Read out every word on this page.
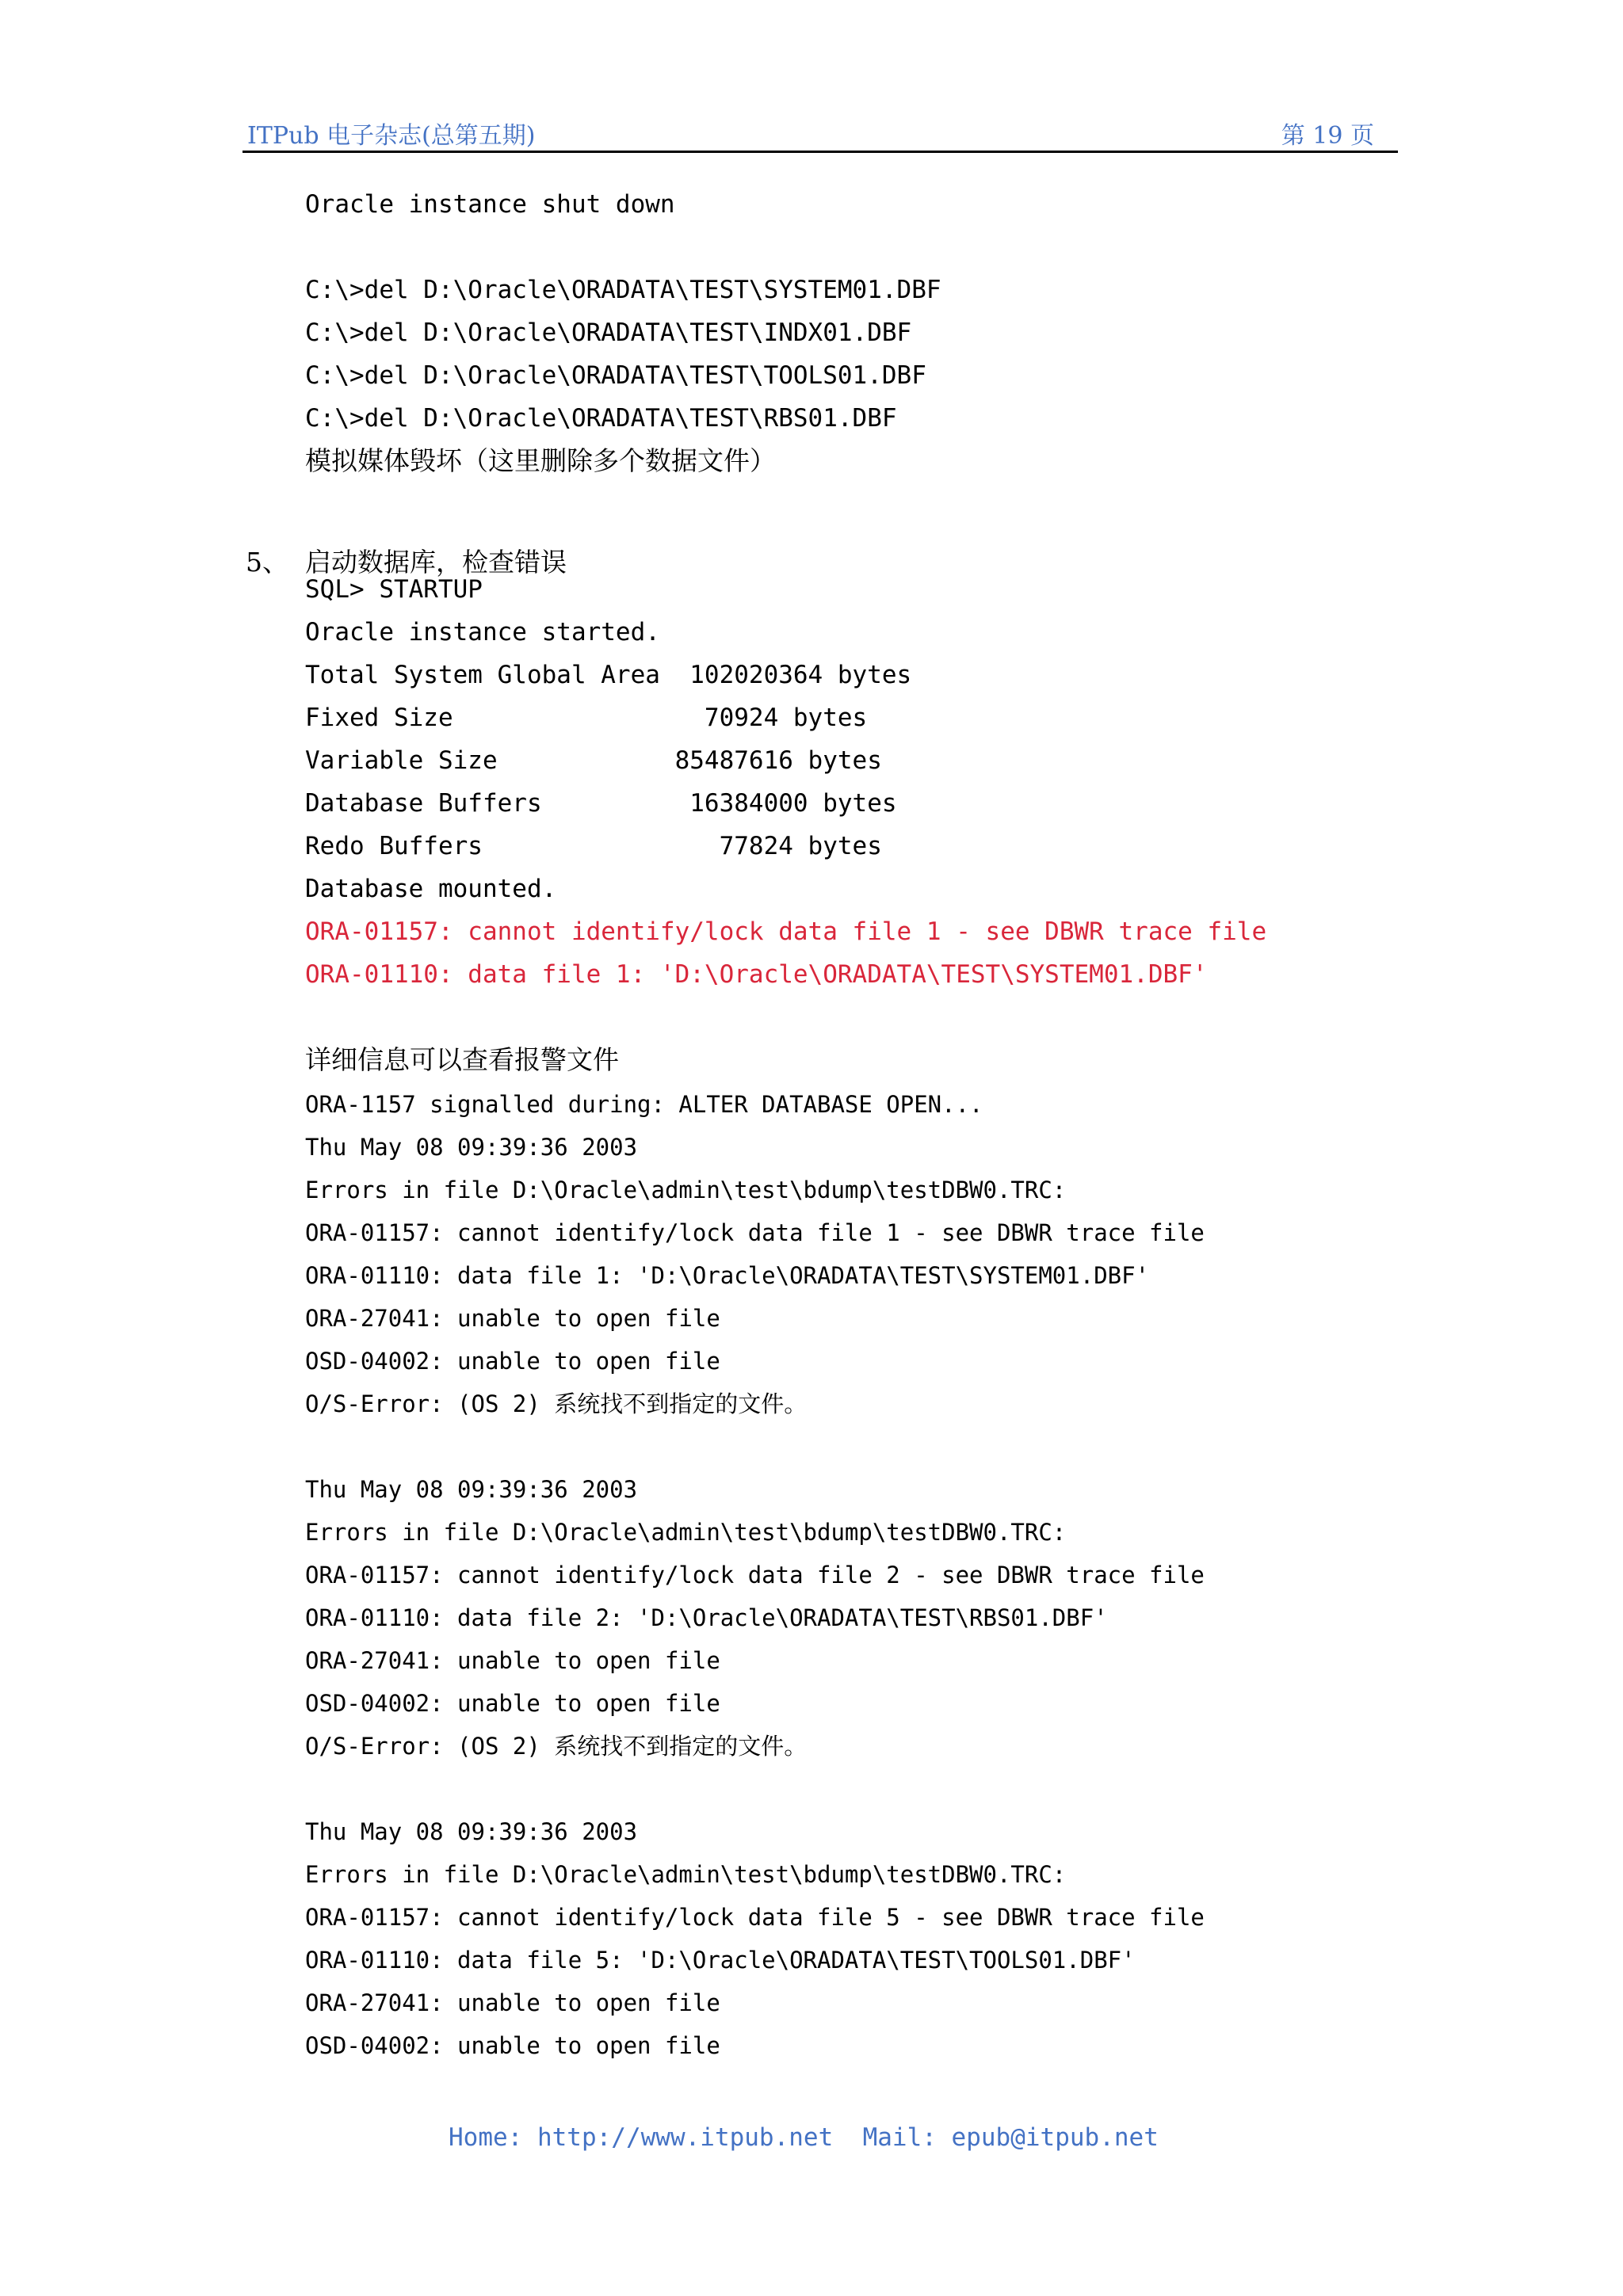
ITPub 电子杂志(总第五期)	第 19 页
5、 启动数据库，检查错误
Oracle instance shut down
C:\>del D:\Oracle\ORADATA\TEST\SYSTEM01.DBF
C:\>del D:\Oracle\ORADATA\TEST\INDX01.DBF
C:\>del D:\Oracle\ORADATA\TEST\TOOLS01.DBF
C:\>del D:\Oracle\ORADATA\TEST\RBS01.DBF
模拟媒体毁坏（这里删除多个数据文件）
SQL> STARTUP
Oracle instance started.
Total System Global Area  102020364 bytes
Fixed Size                 70924 bytes
Variable Size            85487616 bytes
Database Buffers          16384000 bytes
Redo Buffers                77824 bytes
Database mounted.
ORA-01157: cannot identify/lock data file 1 - see DBWR trace file
ORA-01110: data file 1: 'D:\Oracle\ORADATA\TEST\SYSTEM01.DBF'
详细信息可以查看报警文件
ORA-1157 signalled during: ALTER DATABASE OPEN...
Thu May 08 09:39:36 2003
Errors in file D:\Oracle\admin\test\bdump\testDBW0.TRC:
ORA-01157: cannot identify/lock data file 1 - see DBWR trace file
ORA-01110: data file 1: 'D:\Oracle\ORADATA\TEST\SYSTEM01.DBF'
ORA-27041: unable to open file
OSD-04002: unable to open file
O/S-Error: (OS 2) 系统找不到指定的文件。
Thu May 08 09:39:36 2003
Errors in file D:\Oracle\admin\test\bdump\testDBW0.TRC:
ORA-01157: cannot identify/lock data file 2 - see DBWR trace file
ORA-01110: data file 2: 'D:\Oracle\ORADATA\TEST\RBS01.DBF'
ORA-27041: unable to open file
OSD-04002: unable to open file
O/S-Error: (OS 2) 系统找不到指定的文件。
Thu May 08 09:39:36 2003
Errors in file D:\Oracle\admin\test\bdump\testDBW0.TRC:
ORA-01157: cannot identify/lock data file 5 - see DBWR trace file
ORA-01110: data file 5: 'D:\Oracle\ORADATA\TEST\TOOLS01.DBF'
ORA-27041: unable to open file
OSD-04002: unable to open file
Home: http://www.itpub.net  Mail: epub@itpub.net
